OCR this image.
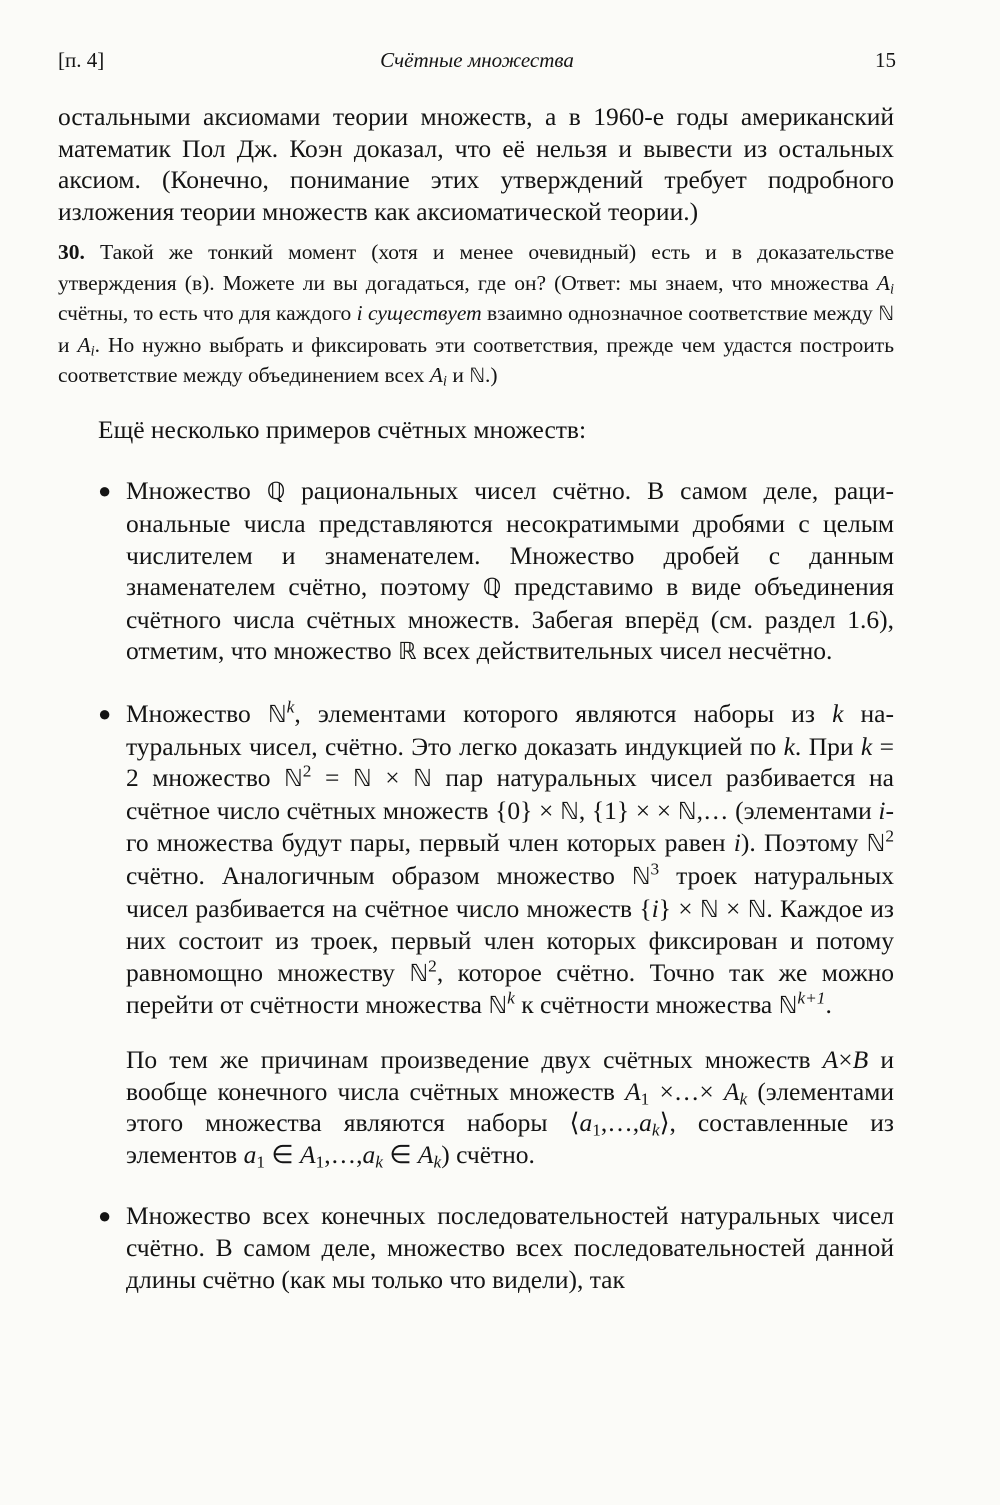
[п. 4]	Счётные множества	15

остальными аксиомами теории множеств, а в 1960-е годы американский математик Пол Дж. Коэн доказал, что её нельзя и вывести из остальных аксиом. (Конечно, понимание этих утверждений требует подробного изложения теории множеств как аксиоматической теории.)

30. Такой же тонкий момент (хотя и менее очевидный) есть и в доказательстве утверждения (в). Можете ли вы догадаться, где он? (Ответ: мы знаем, что множества $A_i$ счётны, то есть что для каждого i существует взаимно однозначное соответствие между ℕ и $A_i$. Но нужно выбрать и фиксировать эти соответствия, прежде чем удастся построить соответствие между объединением всех $A_i$ и ℕ.)

Ещё несколько примеров счётных множеств:

● Множество ℚ рациональных чисел счётно. В самом деле, рациональные числа представляются несократимыми дробями с целым числителем и знаменателем. Множество дробей с данным знаменателем счётно, поэтому ℚ представимо в виде объединения счётного числа счётных множеств. Забегая вперёд (см. раздел 1.6), отметим, что множество ℝ всех действительных чисел несчётно.

● Множество ℕ$^k$, элементами которого являются наборы из k натуральных чисел, счётно. Это легко доказать индукцией по k. При k = 2 множество ℕ$^2$ = ℕ × ℕ пар натуральных чисел разбивается на счётное число счётных множеств {0} × ℕ, {1} × × ℕ,… (элементами i-го множества будут пары, первый член которых равен i). Поэтому ℕ$^2$ счётно. Аналогичным образом множество ℕ$^3$ троек натуральных чисел разбивается на счётное число множеств {i} × ℕ × ℕ. Каждое из них состоит из троек, первый член которых фиксирован и потому равномощно множеству ℕ$^2$, которое счётно. Точно так же можно перейти от счётности множества ℕ$^k$ к счётности множества ℕ$^{k+1}$.

По тем же причинам произведение двух счётных множеств A×B и вообще конечного числа счётных множеств $A_1$ ×…× $A_k$ (элементами этого множества являются наборы $⟨a_1,\dots,a_k⟩$, составленные из элементов $a_1$ ∈ $A_1,\dots,a_k$ ∈ $A_k$) счётно.

● Множество всех конечных последовательностей натуральных чисел счётно. В самом деле, множество всех последовательностей данной длины счётно (как мы только что видели), так
